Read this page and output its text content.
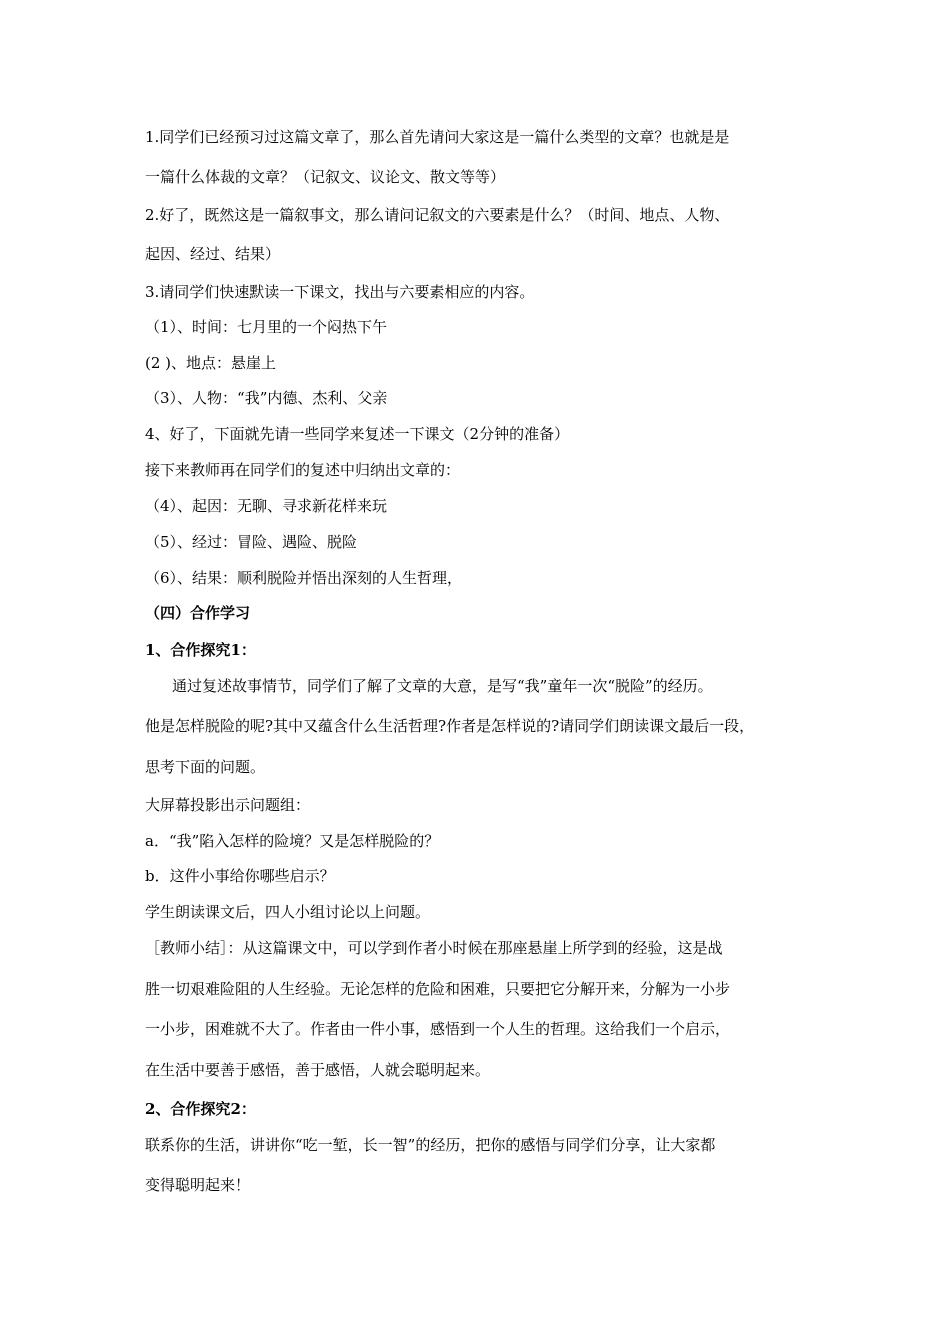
1.同学们已经预习过这篇文章了，那么首先请问大家这是一篇什么类型的文章？也就是是
一篇什么体裁的文章？（记叙文、议论文、散文等等）
2.好了，既然这是一篇叙事文，那么请问记叙文的六要素是什么？（时间、地点、人物、
起因、经过、结果）
3.请同学们快速默读一下课文，找出与六要素相应的内容。
（1）、时间：七月里的一个闷热下午
(2 )、地点：悬崖上
（3）、人物：“我”内德、杰利、父亲
4、好了，下面就先请一些同学来复述一下课文（2分钟的准备）
接下来教师再在同学们的复述中归纳出文章的：
（4）、起因：无聊、寻求新花样来玩
（5）、经过：冒险、遇险、脱险
（6）、结果：顺利脱险并悟出深刻的人生哲理，
（四）合作学习
1、合作探究1：
通过复述故事情节，同学们了解了文章的大意，是写“我”童年一次“脱险”的经历。
他是怎样脱险的呢?其中又蕴含什么生活哲理?作者是怎样说的?请同学们朗读课文最后一段，
思考下面的问题。
大屏幕投影出示问题组：
a．“我”陷入怎样的险境？又是怎样脱险的？
b．这件小事给你哪些启示？
学生朗读课文后，四人小组讨论以上问题。
［教师小结］：从这篇课文中，可以学到作者小时候在那座悬崖上所学到的经验，这是战
胜一切艰难险阻的人生经验。无论怎样的危险和困难，只要把它分解开来，分解为一小步
一小步，困难就不大了。作者由一件小事，感悟到一个人生的哲理。这给我们一个启示，
在生活中要善于感悟，善于感悟，人就会聪明起来。
2、合作探究2：
联系你的生活，讲讲你“吃一堑，长一智”的经历，把你的感悟与同学们分享，让大家都
变得聪明起来！
